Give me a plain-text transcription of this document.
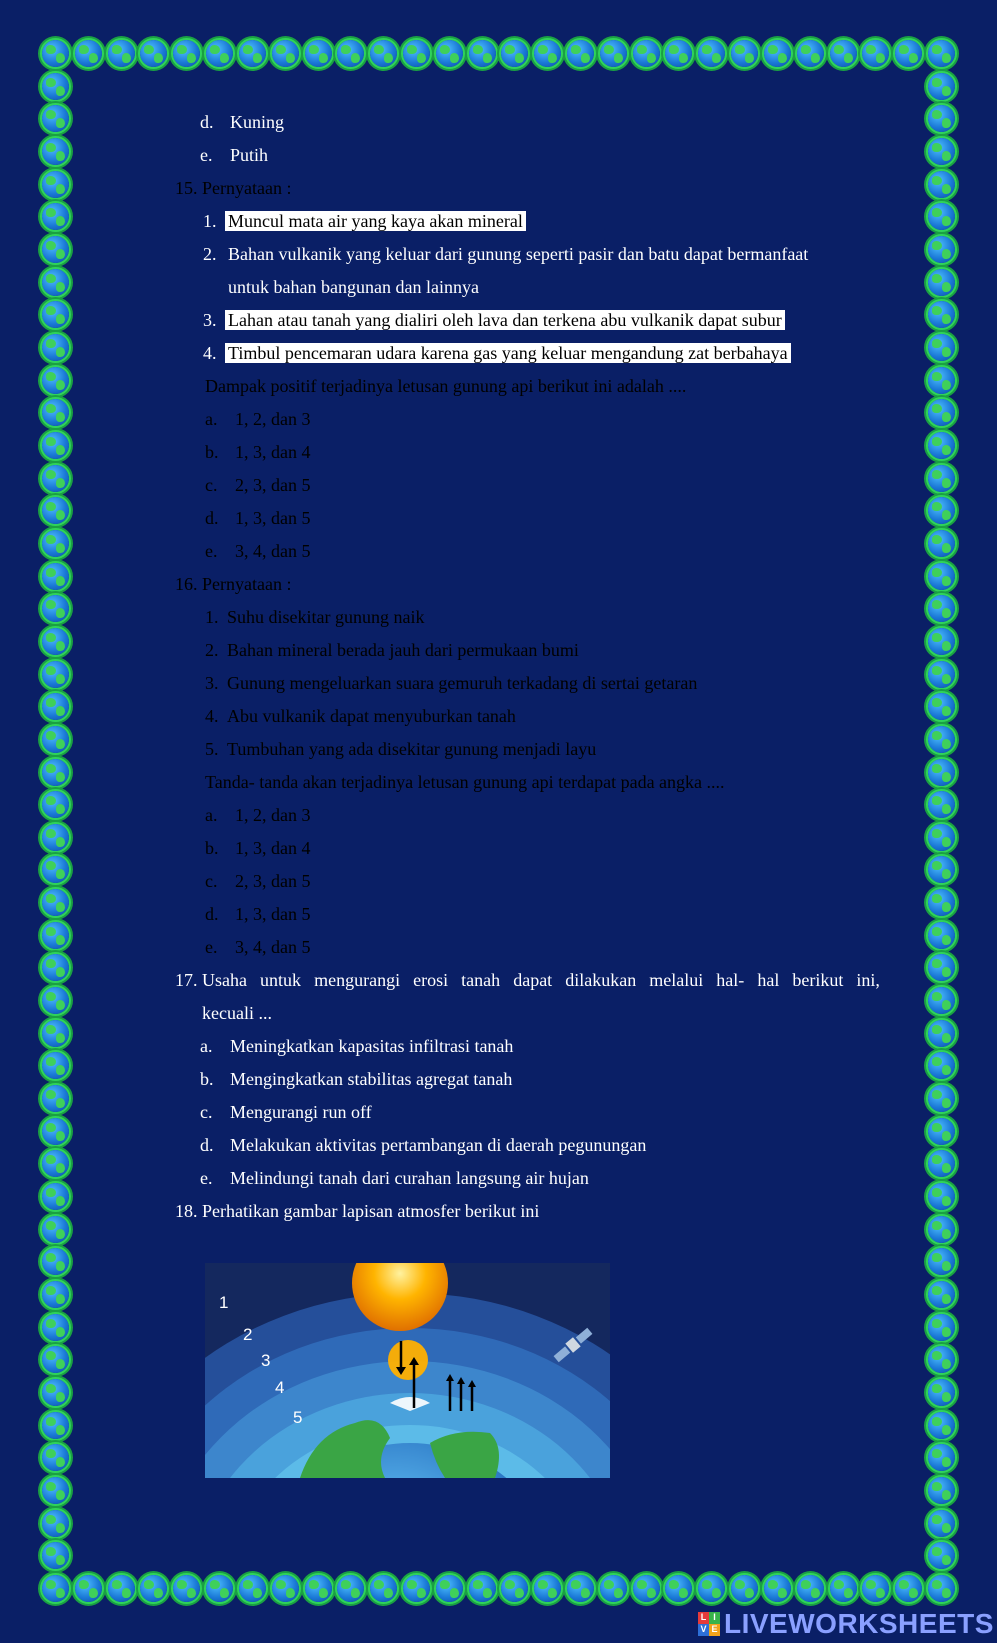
d. Kuning
e. Putih
15. Pernyataan :
1. Muncul mata air yang kaya akan mineral
2. Bahan vulkanik yang keluar dari gunung seperti pasir dan batu dapat bermanfaat
untuk bahan bangunan dan lainnya
3. Lahan atau tanah yang dialiri oleh lava dan terkena abu vulkanik dapat subur
4. Timbul pencemaran udara karena gas yang keluar mengandung zat berbahaya
Dampak positif terjadinya letusan gunung api berikut ini adalah ....
a. 1, 2, dan 3
b. 1, 3, dan 4
c. 2, 3, dan 5
d. 1, 3, dan 5
e. 3, 4, dan 5
16. Pernyataan :
1. Suhu disekitar gunung naik
2. Bahan mineral berada jauh dari permukaan bumi
3. Gunung mengeluarkan suara gemuruh terkadang di sertai getaran
4. Abu vulkanik dapat menyuburkan tanah
5. Tumbuhan yang ada disekitar gunung menjadi layu
Tanda- tanda akan terjadinya letusan gunung api terdapat pada angka ....
a. 1, 2, dan 3
b. 1, 3, dan 4
c. 2, 3, dan 5
d. 1, 3, dan 5
e. 3, 4, dan 5
17. Usaha untuk mengurangi erosi tanah dapat dilakukan melalui hal- hal berikut ini,
kecuali ...
a. Meningkatkan kapasitas infiltrasi tanah
b. Mengingkatkan stabilitas agregat tanah
c. Mengurangi run off
d. Melakukan aktivitas pertambangan di daerah pegunungan
e. Melindungi tanah dari curahan langsung air hujan
18. Perhatikan gambar lapisan atmosfer berikut ini
1
2
3
4
5
L I
V E LIVEWORKSHEETS
